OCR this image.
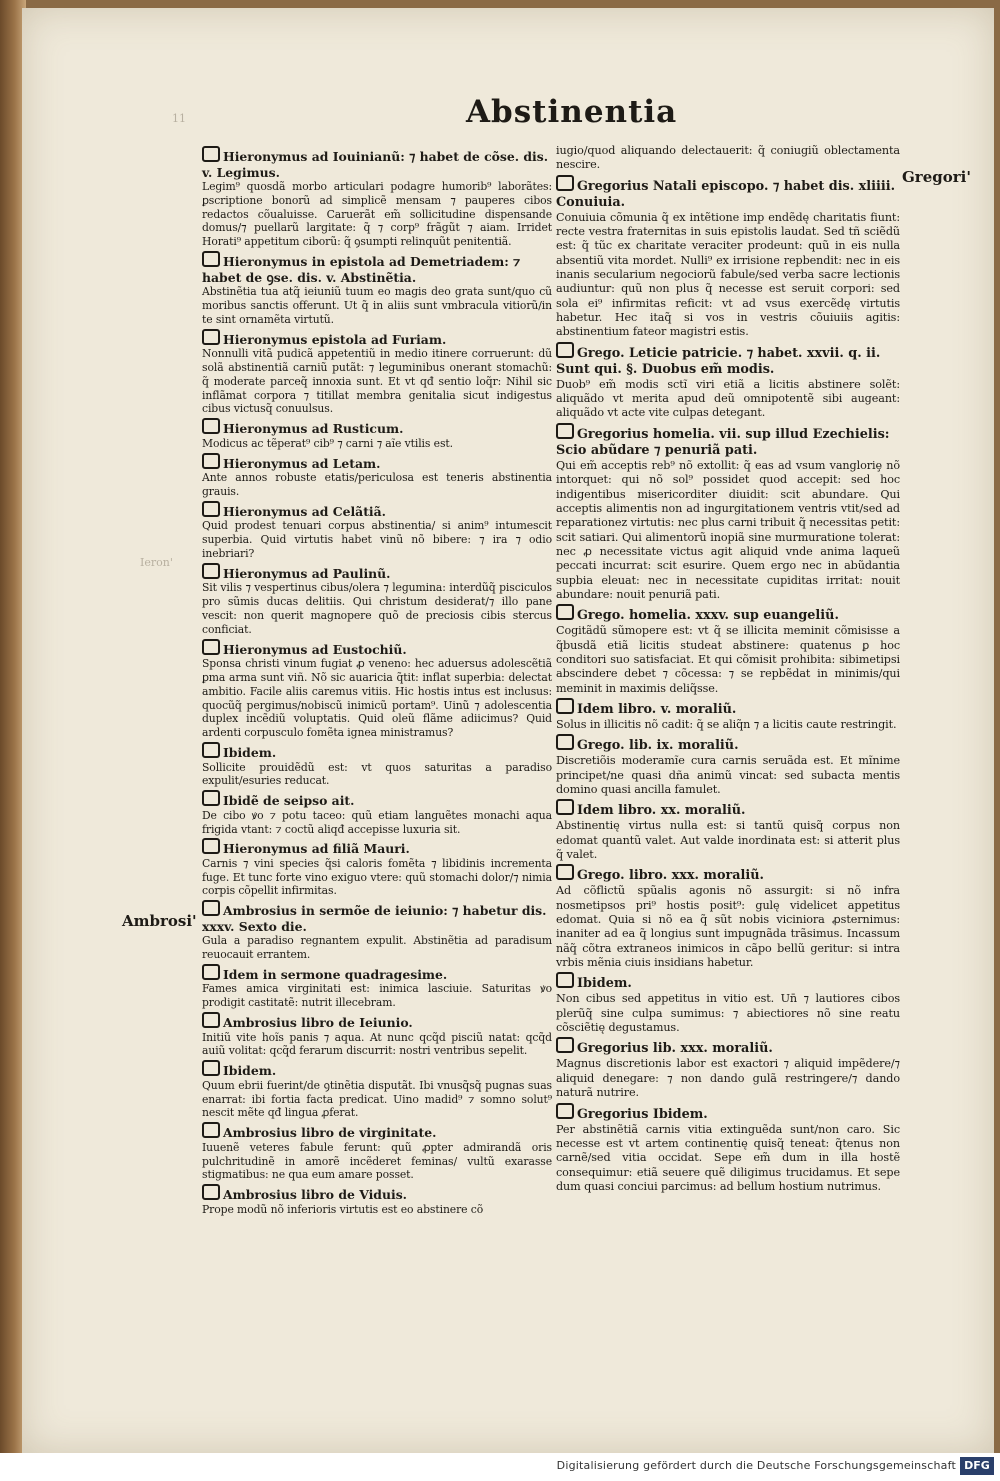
11	Abstinentia
Gregori'
Ieron'
Ambrosi'
Hieronymus ad Iouinianũ: ⁊ habet de cõse. dis. v. Legimus.
Legim⁹ quosdã morbo articulari podagre humorib⁹ laborãtes: ꝑscriptione bonorũ ad simplicẽ mensam ⁊ pauperes cibos redactos cõualuisse. Caruerãt em̃ sollicitudine dispensande domus/⁊ puellarũ largitate: q̃ ⁊ corp⁹ frãgũt ⁊ aiam. Irridet Horati⁹ appetitum ciborũ: q̃ ꝯsumpti relinquũt penitentiã.
Hieronymus in epistola ad Demetriadem: ⁊ habet de ꝯse. dis. v. Abstinẽtia.
Abstinẽtia tua atq̃ ieiuniũ tuum eo magis deo grata sunt/quo cũ moribus sanctis offerunt. Ut q̃ in aliis sunt vmbracula vitiorũ/in te sint ornamẽta virtutũ.
Hieronymus epistola ad Furiam.
Nonnulli vitã pudicã appetentiũ in medio itinere corruerunt: dũ solã abstinentiã carniũ putãt: ⁊ leguminibus onerant stomachũ: q̃ moderate parceq̃ innoxia sunt. Et vt qđ sentio loq̃r: Nihil sic inflãmat corpora ⁊ titillat membra genitalia sicut indigestus cibus victusq̃ conuulsus.
Hieronymus ad Rusticum.
Modicus ac tẽperat⁹ cib⁹ ⁊ carni ⁊ aĩe vtilis est.
Hieronymus ad Letam.
Ante annos robuste etatis/periculosa est teneris abstinentia grauis.
Hieronymus ad Celãtiã.
Quid prodest tenuari corpus abstinentia/ si anim⁹ intumescit superbia. Quid virtutis habet vinũ nõ bibere: ⁊ ira ⁊ odio inebriari?
Hieronymus ad Paulinũ.
Sit vilis ⁊ vespertinus cibus/olera ⁊ legumina: interdũq̃ pisciculos pro sũmis ducas delitiis. Qui christum desiderat/⁊ illo pane vescit: non querit magnopere quõ de preciosis cibis stercus conficiat.
Hieronymus ad Eustochiũ.
Sponsa christi vinum fugiat ꝓ veneno: hec aduersus adolescẽtiã ꝑma arma sunt viñ. Nõ sic auaricia q̃tit: inflat superbia: delectat ambitio. Facile aliis caremus vitiis. Hic hostis intus est inclusus: quocũq̃ pergimus/nobiscũ inimicũ portam⁹. Uinũ ⁊ adolescentia duplex incẽdiũ voluptatis. Quid oleũ flãme adiicimus? Quid ardenti corpusculo fomẽta ignea ministramus?
Ibidem.
Sollicite prouidẽdũ est: vt quos saturitas a paradiso expulit/esuries reducat.
Ibidẽ de seipso ait.
De cibo ꝟo ⁊ potu taceo: quũ etiam languẽtes monachi aqua frigida vtant: ⁊ coctũ aliqđ accepisse luxuria sit.
Hieronymus ad filiã Mauri.
Carnis ⁊ vini species q̃si caloris fomẽta ⁊ libidinis incrementa fuge. Et tunc forte vino exiguo vtere: quũ stomachi dolor/⁊ nimia corpis cõpellit infirmitas.
Ambrosius in sermõe de ieiunio: ⁊ habetur dis. xxxv. Sexto die.
Gula a paradiso regnantem expulit. Abstinẽtia ad paradisum reuocauit errantem.
Idem in sermone quadragesime.
Fames amica virginitati est: inimica lasciuie. Saturitas ꝟo prodigit castitatẽ: nutrit illecebram.
Ambrosius libro de Ieiunio.
Initiũ vite hoĩs panis ⁊ aqua. At nunc qcq̃d pisciũ natat: qcq̃d auiũ volitat: qcq̃d ferarum discurrit: nostri ventribus sepelit.
Ibidem.
Quum ebrii fuerint/de ꝯtinẽtia disputãt. Ibi vnusq̃sq̃ pugnas suas enarrat: ibi fortia facta predicat. Uino madid⁹ ⁊ somno solut⁹ nescit mẽte qđ lingua ꝓferat.
Ambrosius libro de virginitate.
Iuuenẽ veteres fabule ferunt: quũ ꝓpter admirandã oris pulchritudinẽ in amorẽ incẽderet feminas/ vultũ exarasse stigmatibus: ne qua eum amare posset.
Ambrosius libro de Viduis.
Prope modũ nõ inferioris virtutis est eo abstinere cõ
iugio/quod aliquando delectauerit: q̃ coniugiũ oblectamenta nescire.
Gregorius Natali episcopo. ⁊ habet dis. xliiii. Conuiuia.
Conuiuia cõmunia q̃ ex intẽtione imp endẽdę charitatis fiunt: recte vestra fraternitas in suis epistolis laudat. Sed tñ sciẽdũ est: q̃ tũc ex charitate veraciter prodeunt: quũ in eis nulla absentiũ vita mordet. Nulli⁹ ex irrisione repbendit: nec in eis inanis secularium negociorũ fabule/sed verba sacre lectionis audiuntur: quũ non plus q̃ necesse est seruit corpori: sed sola ei⁹ infirmitas reficit: vt ad vsus exercẽdę virtutis habetur. Hec itaq̃ si vos in vestris cõuiuiis agitis: abstinentium fateor magistri estis.
Grego. Leticie patricie. ⁊ habet. xxvii. q. ii. Sunt qui. §. Duobus em̃ modis.
Duob⁹ em̃ modis sctĩ viri etiã a licitis abstinere solẽt: aliquãdo vt merita apud deũ omnipotentẽ sibi augeant: aliquãdo vt acte vite culpas detegant.
Gregorius homelia. vii. sup illud Ezechielis: Scio abũdare ⁊ penuriã pati.
Qui em̃ acceptis reb⁹ nõ extollit: q̃ eas ad vsum vangloriȩ nõ intorquet: qui nõ sol⁹ possidet quod accepit: sed hoc indigentibus misericorditer diuidit: scit abundare. Qui acceptis alimentis non ad ingurgitationem ventris vtit/sed ad reparationez virtutis: nec plus carni tribuit q̃ necessitas petit: scit satiari. Qui alimentorũ inopiã sine murmuratione tolerat: nec ꝓ necessitate victus agit aliquid vnde anima laqueũ peccati incurrat: scit esurire. Quem ergo nec in abũdantia supbia eleuat: nec in necessitate cupiditas irritat: nouit abundare: nouit penuriã pati.
Grego. homelia. xxxv. sup euangeliũ.
Cogitãdũ sũmopere est: vt q̃ se illicita meminit cõmisisse a q̃busdã etiã licitis studeat abstinere: quatenus ꝑ hoc conditori suo satisfaciat. Et qui cõmisit prohibita: sibimetipsi abscindere debet ⁊ cõcessa: ⁊ se repbẽdat in minimis/qui meminit in maximis deliq̃sse.
Idem libro. v. moraliũ.
Solus in illicitis nõ cadit: q̃ se aliq̃n ⁊ a licitis caute restringit.
Grego. lib. ix. moraliũ.
Discretiõis moderamĩe cura carnis seruãda est. Et mĩnime principet/ne quasi dña animũ vincat: sed subacta mentis domino quasi ancilla famulet.
Idem libro. xx. moraliũ.
Abstinentię virtus nulla est: si tantũ quisq̃ corpus non edomat quantũ valet. Aut valde inordinata est: si atterit plus q̃ valet.
Grego. libro. xxx. moraliũ.
Ad cõflictũ spũalis agonis nõ assurgit: si nõ infra nosmetipsos pri⁹ hostis posit⁹: gulę videlicet appetitus edomat. Quia si nõ ea q̃ sũt nobis viciniora ꝓsternimus: inaniter ad ea q̃ longius sunt impugnãda trãsimus. Incassum nãq̃ cõtra extraneos inimicos in cãpo bellũ geritur: si intra vrbis mẽnia ciuis insidians habetur.
Ibidem.
Non cibus sed appetitus in vitio est. Un̄ ⁊ lautiores cibos plerũq̃ sine culpa sumimus: ⁊ abiectiores nõ sine reatu cõsciẽtię degustamus.
Gregorius lib. xxx. moraliũ.
Magnus discretionis labor est exactori ⁊ aliquid impẽdere/⁊ aliquid denegare: ⁊ non dando gulã restringere/⁊ dando naturã nutrire.
Gregorius Ibidem.
Per abstinẽtiã carnis vitia extinguẽda sunt/non caro. Sic necesse est vt artem continentię quisq̃ teneat: q̃tenus non carnẽ/sed vitia occidat. Sepe em̃ dum in illa hostẽ consequimur: etiã seuere quẽ diligimus trucidamus. Et sepe dum quasi conciui parcimus: ad bellum hostium nutrimus.
Digitalisierung gefördert durch die Deutsche Forschungsgemeinschaft DFG
